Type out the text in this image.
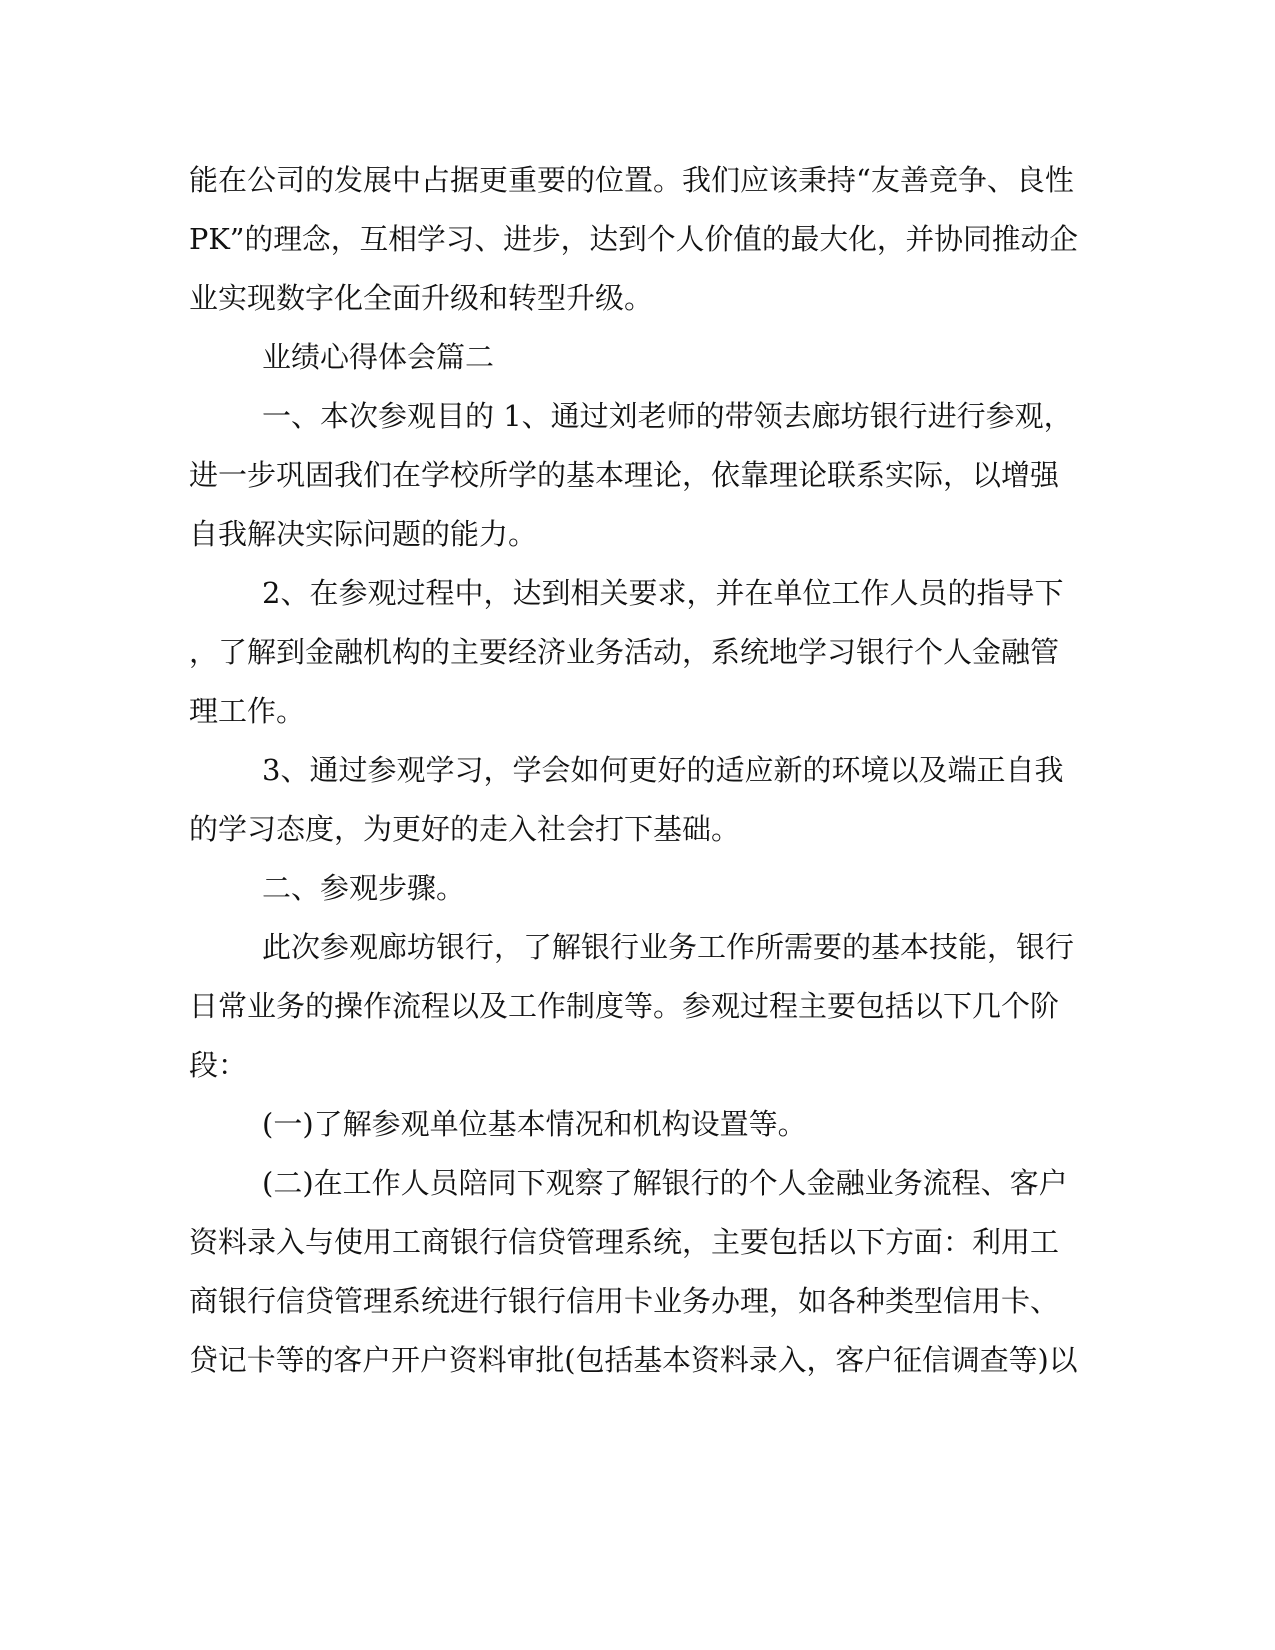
能在公司的发展中占据更重要的位置。我们应该秉持“友善竞争、良性

PK”的理念，互相学习、进步，达到个人价值的最大化，并协同推动企

业实现数字化全面升级和转型升级。

业绩心得体会篇二

一、本次参观目的 1、通过刘老师的带领去廊坊银行进行参观，

进一步巩固我们在学校所学的基本理论，依靠理论联系实际，以增强

自我解决实际问题的能力。

2、在参观过程中，达到相关要求，并在单位工作人员的指导下

，了解到金融机构的主要经济业务活动，系统地学习银行个人金融管

理工作。

3、通过参观学习，学会如何更好的适应新的环境以及端正自我

的学习态度，为更好的走入社会打下基础。

二、参观步骤。

此次参观廊坊银行，了解银行业务工作所需要的基本技能，银行

日常业务的操作流程以及工作制度等。参观过程主要包括以下几个阶

段：

(一)了解参观单位基本情况和机构设置等。

(二)在工作人员陪同下观察了解银行的个人金融业务流程、客户

资料录入与使用工商银行信贷管理系统，主要包括以下方面：利用工

商银行信贷管理系统进行银行信用卡业务办理，如各种类型信用卡、

贷记卡等的客户开户资料审批(包括基本资料录入，客户征信调查等)以
